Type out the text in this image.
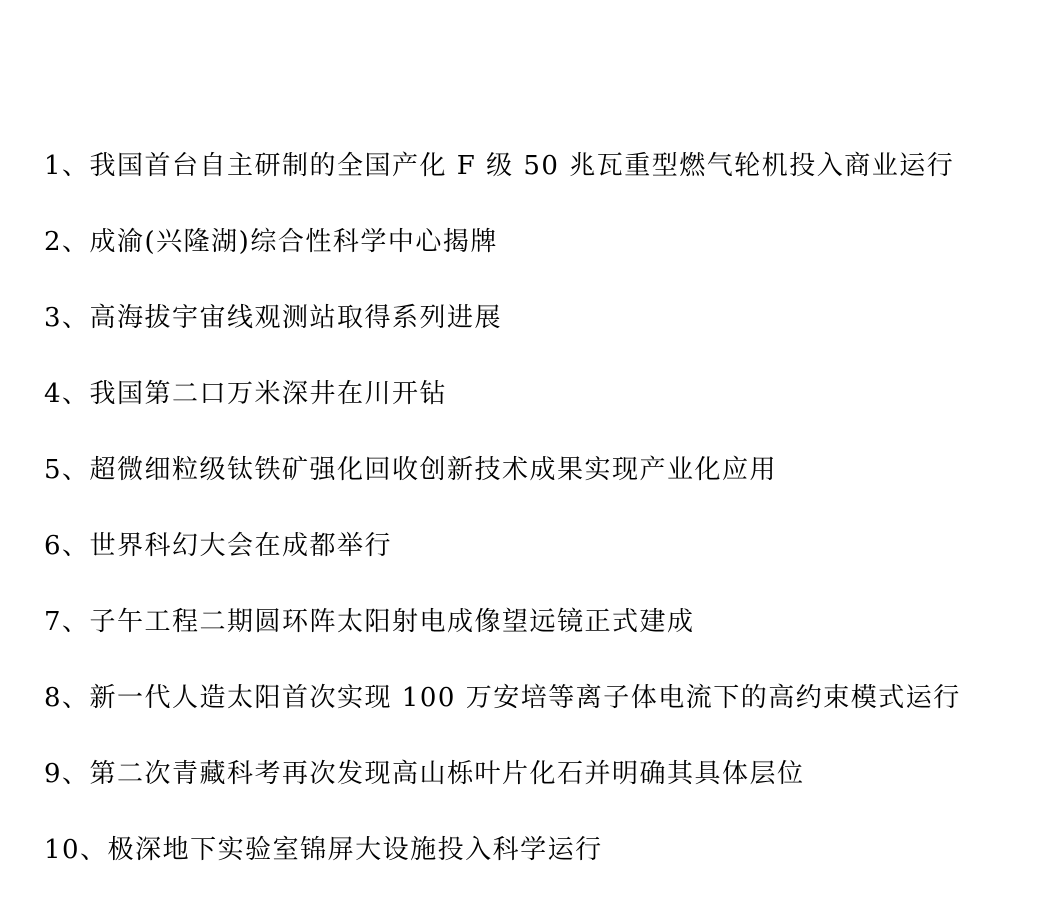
1、我国首台自主研制的全国产化 F 级 50 兆瓦重型燃气轮机投入商业运行
2、成渝(兴隆湖)综合性科学中心揭牌
3、高海拔宇宙线观测站取得系列进展
4、我国第二口万米深井在川开钻
5、超微细粒级钛铁矿强化回收创新技术成果实现产业化应用
6、世界科幻大会在成都举行
7、子午工程二期圆环阵太阳射电成像望远镜正式建成
8、新一代人造太阳首次实现 100 万安培等离子体电流下的高约束模式运行
9、第二次青藏科考再次发现高山栎叶片化石并明确其具体层位
10、极深地下实验室锦屏大设施投入科学运行
